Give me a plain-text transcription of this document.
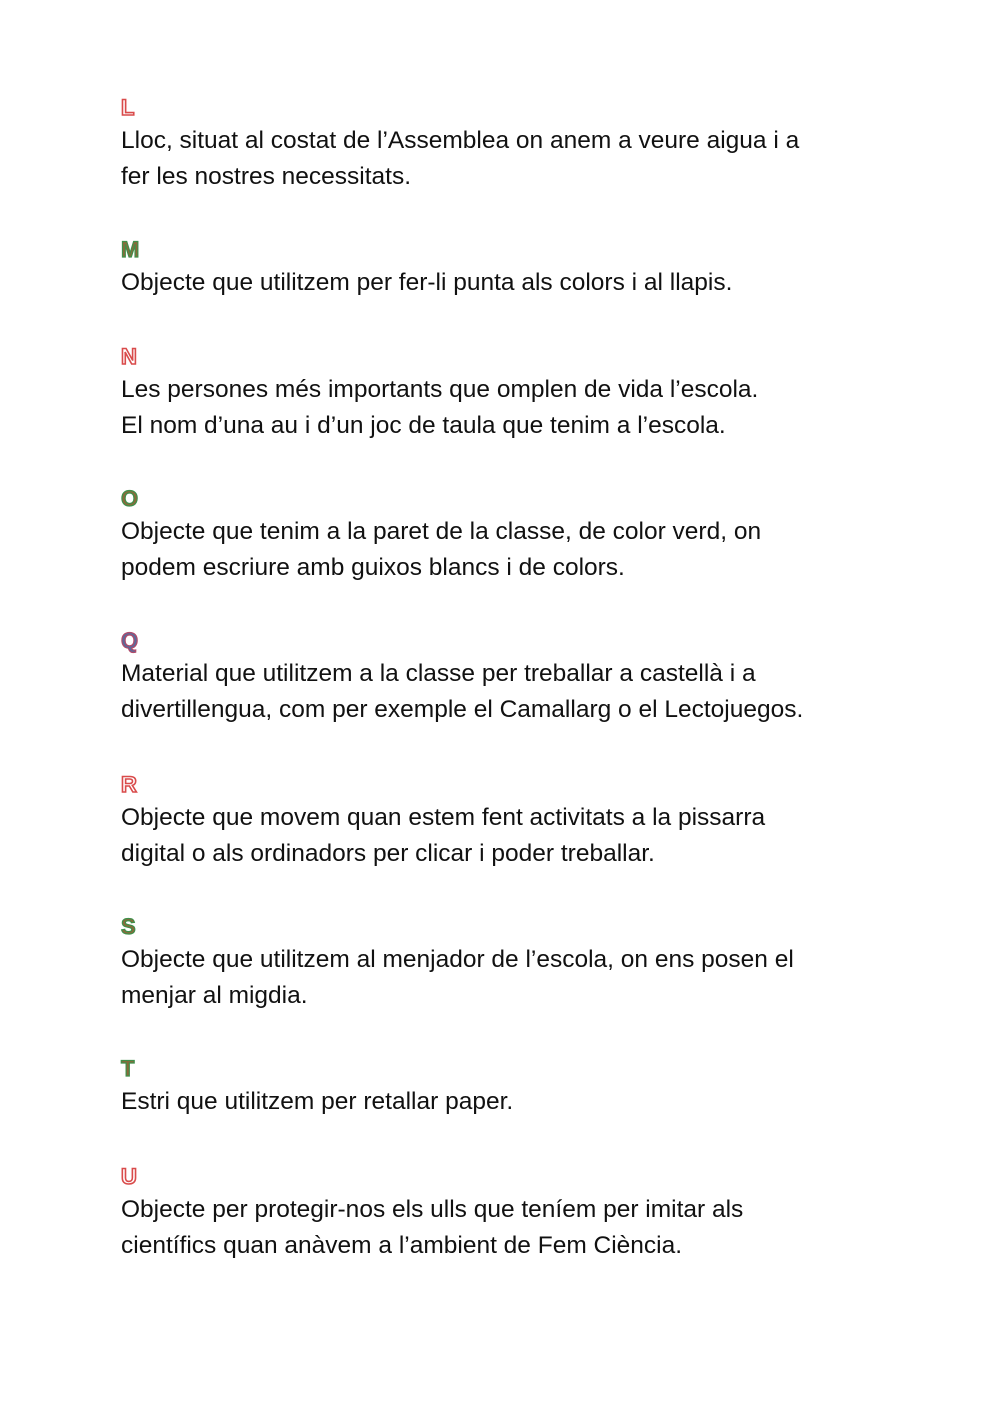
L

Lloc, situat al costat de l’Assemblea on anem a veure aigua i a

fer les nostres necessitats.

M

Objecte que utilitzem per fer-li punta als colors i al llapis.

N

Les persones més importants que omplen de vida l’escola.

El nom d’una au i d’un joc de taula que tenim a l’escola.

O

Objecte que tenim a la paret de la classe, de color verd, on

podem escriure amb guixos blancs i de colors.

Q

Material que utilitzem a la classe per treballar a castellà i a

divertillengua, com per exemple el Camallarg o el Lectojuegos.

R

Objecte que movem quan estem fent activitats a la pissarra

digital o als ordinadors per clicar i poder treballar.

S

Objecte que utilitzem al menjador de l’escola, on ens posen el

menjar al migdia.

T

Estri que utilitzem per retallar paper.

U

Objecte per protegir-nos els ulls que teníem per imitar als

científics quan anàvem a l’ambient de Fem Ciència.
